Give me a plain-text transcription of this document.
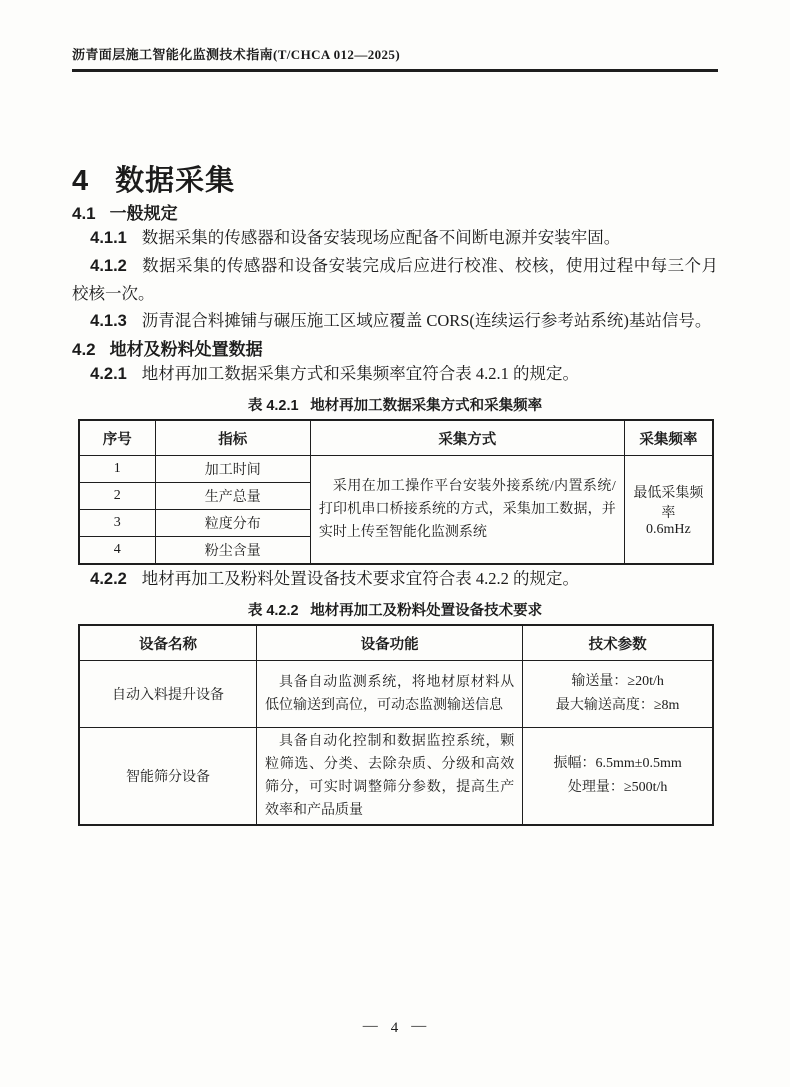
沥青面层施工智能化监测技术指南(T/CHCA 012—2025)
4 数据采集
4.1 一般规定

4.1.1 数据采集的传感器和设备安装现场应配备不间断电源并安装牢固。

4.1.2 数据采集的传感器和设备安装完成后应进行校准、校核，使用过程中每三个月校核一次。

4.1.3 沥青混合料摊铺与碾压施工区域应覆盖 CORS(连续运行参考站系统)基站信号。

4.2 地材及粉料处置数据

4.2.1 地材再加工数据采集方式和采集频率宜符合表 4.2.1 的规定。

表 4.2.1 地材再加工数据采集方式和采集频率
序号	指标	采集方式	采集频率
1	加工时间	采用在加工操作平台安装外接系统/内置系统/打印机串口桥接系统的方式，采集加工数据，并实时上传至智能化监测系统	最低采集频率
0.6mHz

2	生产总量		
3	粒度分布		
4	粉尘含量		

4.2.2 地材再加工及粉料处置设备技术要求宜符合表 4.2.2 的规定。

表 4.2.2 地材再加工及粉料处置设备技术要求
设备名称	设备功能	技术参数
自动入料提升设备	具备自动监测系统，将地材原材料从低位输送到高位，可动态监测输送信息	输送量：≥20t/h
最大输送高度：≥8m

智能筛分设备	具备自动化控制和数据监控系统，颗粒筛选、分类、去除杂质、分级和高效筛分，可实时调整筛分参数，提高生产效率和产品质量	振幅：6.5mm±0.5mm
处理量：≥500t/h
— 4 —
